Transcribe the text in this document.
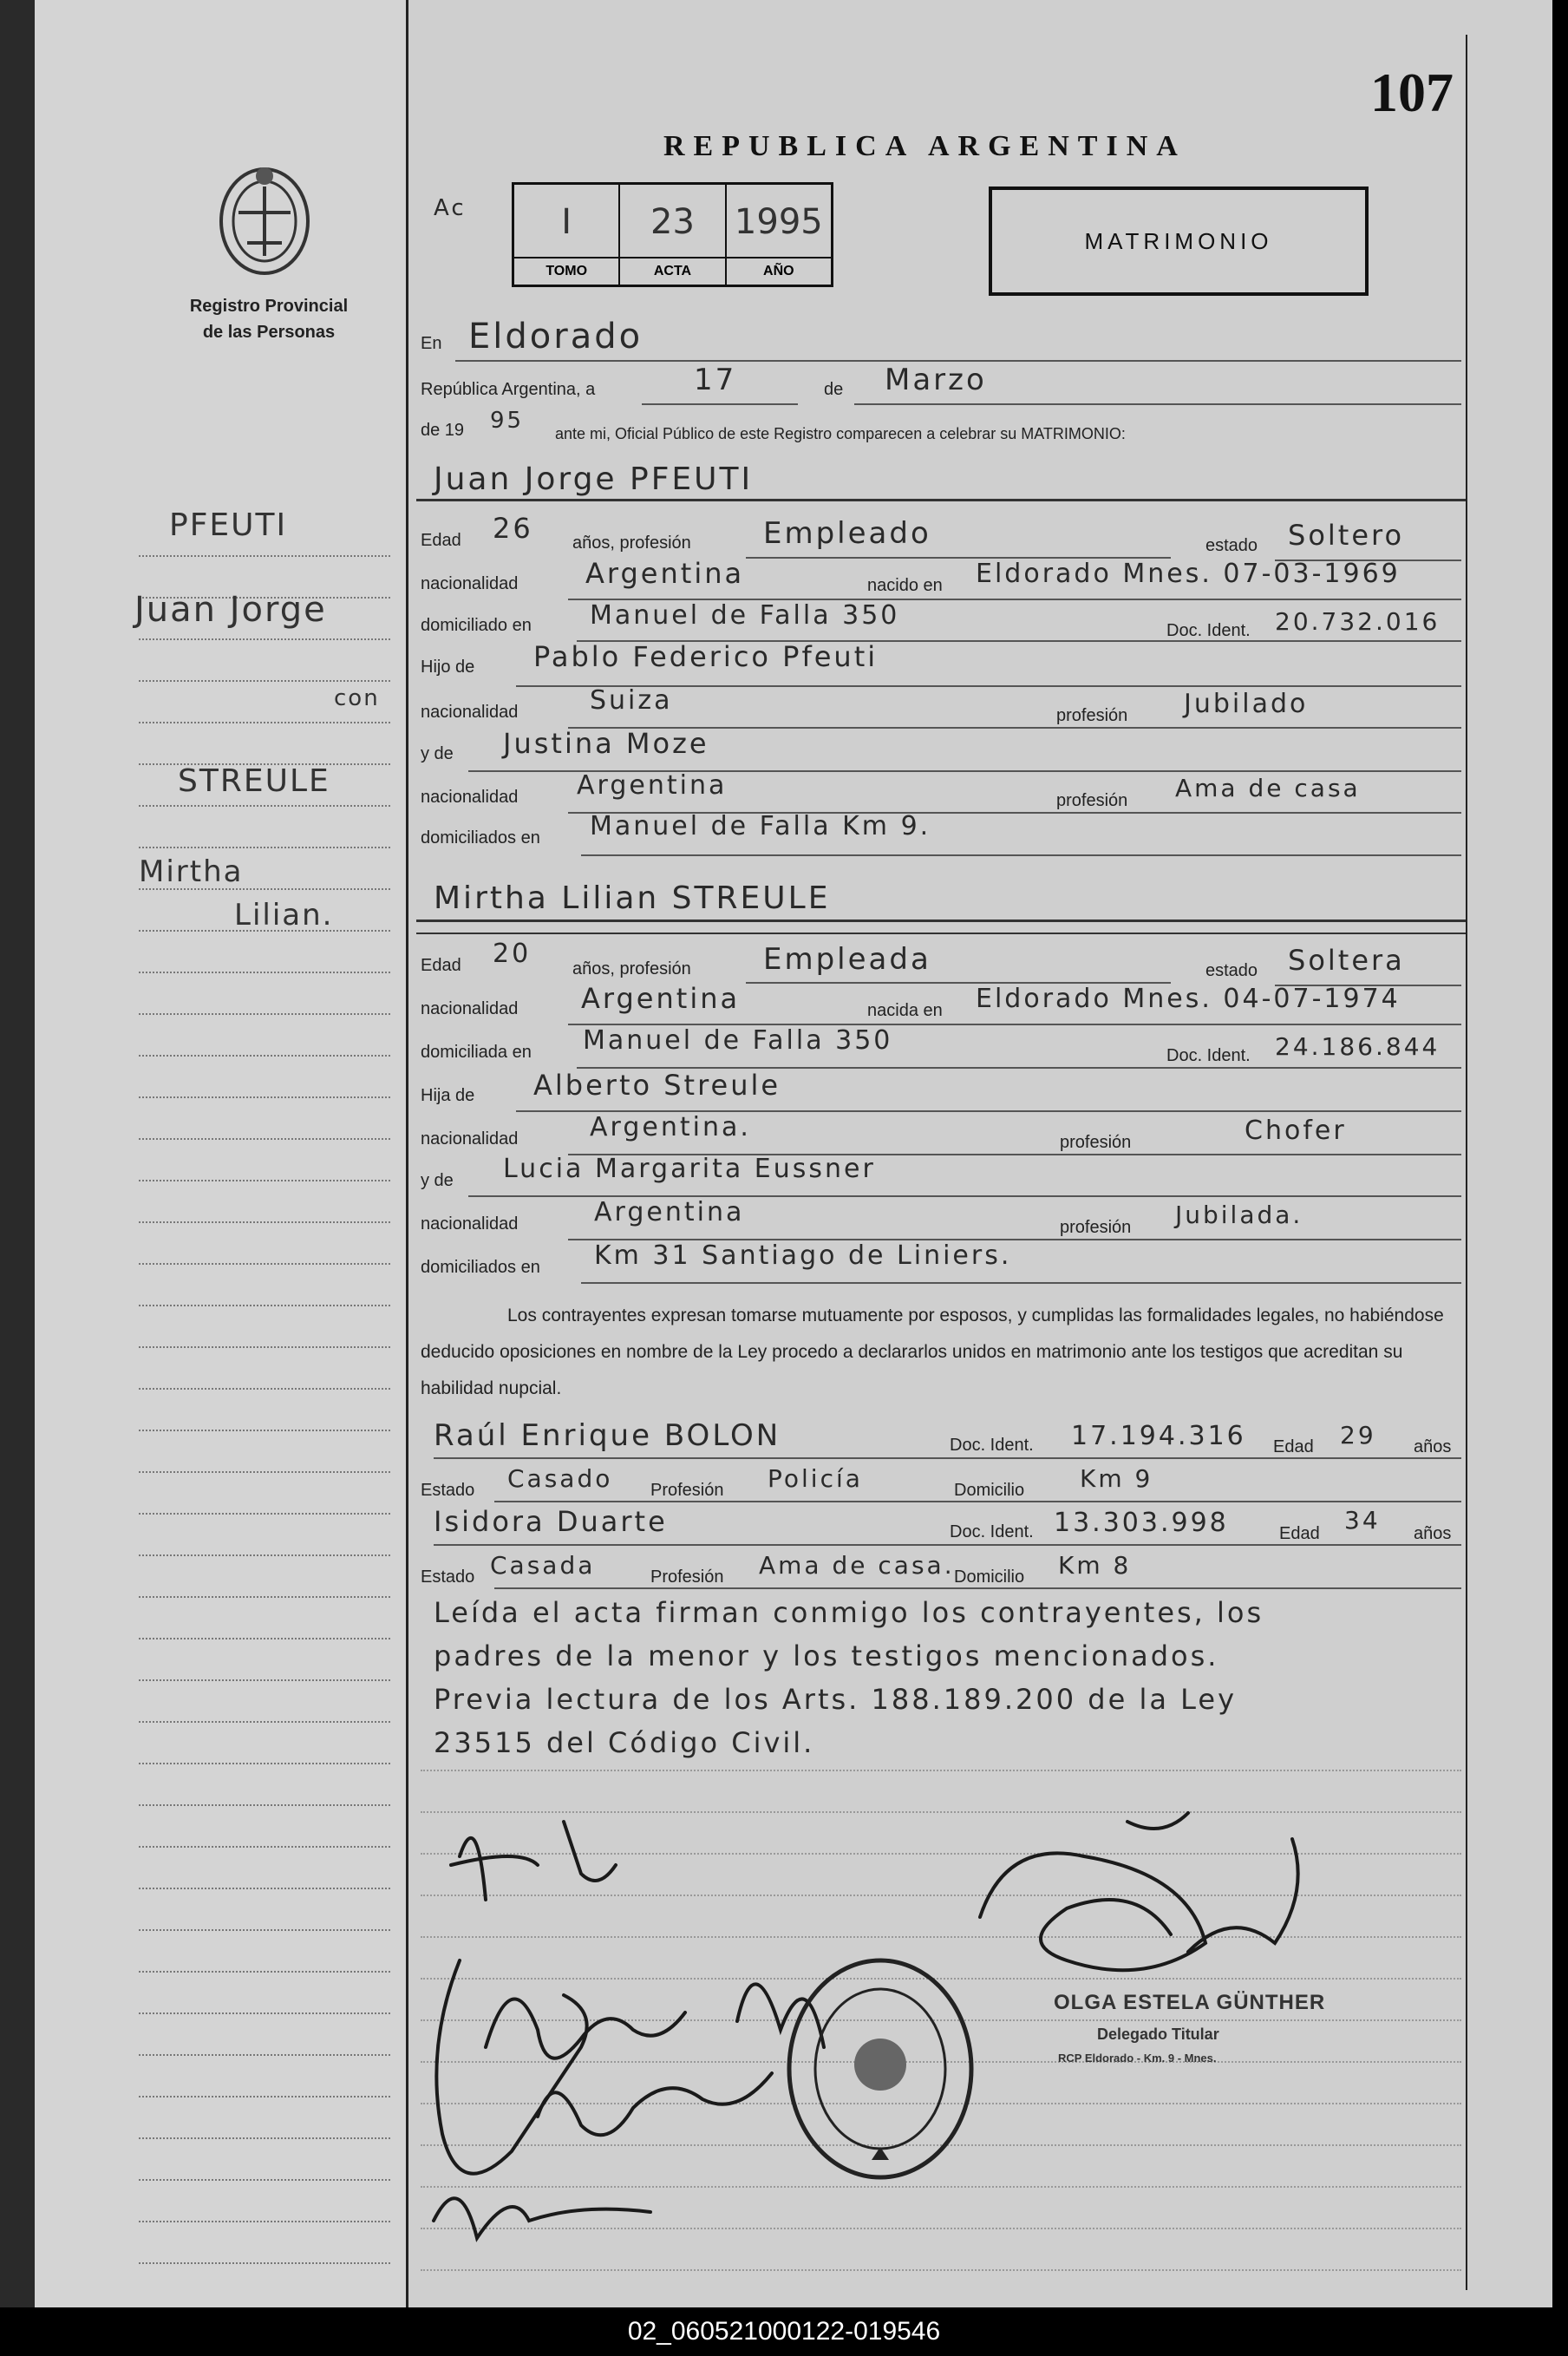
Registro Provincial
de las Personas
PFEUTI
Juan Jorge
con
STREULE
Mirtha
Lilian.
107
REPUBLICA ARGENTINA
Ac	I
TOMO
23
ACTA
1995
AÑO
MATRIMONIO
En Eldorado
República Argentina, a	17	de Marzo
de 19 95 ante mi, Oficial Público de este Registro comparecen a celebrar su MATRIMONIO:
Juan Jorge PFEUTI
Edad 26 años, profesión Empleado	estado Soltero
nacionalidad Argentina	nacido en Eldorado Mnes. 07-03-1969
domiciliado en Manuel de Falla 350	Doc. Ident. 20.732.016
Hijo de Pablo Federico Pfeuti
nacionalidad	Suiza	profesión Jubilado
y de Justina Moze
nacionalidad Argentina	profesión Ama de casa
domiciliados en Manuel de Falla Km 9.
Mirtha Lilian STREULE
Edad 20 años, profesión Empleada	estado Soltera
nacionalidad Argentina	nacida en Eldorado Mnes. 04-07-1974
domiciliada en Manuel de Falla 350	Doc. Ident. 24.186.844
Hija de Alberto Streule
nacionalidad	Argentina.	profesión	Chofer
y de Lucia Margarita Eussner
nacionalidad	Argentina	profesión Jubilada.
domiciliados en Km 31 Santiago de Liniers.
Los contrayentes expresan tomarse mutuamente por esposos, y cumplidas las formalidades legales, no habiéndose deducido oposiciones en nombre de la Ley procedo a declararlos unidos en matrimonio ante los testigos que acreditan su habilidad nupcial.
Raúl Enrique BOLON	Doc. Ident. 17.194.316 Edad 29 años
Estado Casado Profesión Policía	Domicilio Km 9
Isidora Duarte	Doc. Ident. 13.303.998	Edad 34 años
Estado Casada	Profesión Ama de casa. Domicilio Km 8
Leída el acta firman conmigo los contrayentes, los
padres de la menor y los testigos mencionados.
Previa lectura de los Arts. 188.189.200 de la Ley
23515 del Código Civil.
OLGA ESTELA GÜNTHER
Delegado Titular
RCP Eldorado - Km. 9 - Mnes.
02_060521000122-019546
